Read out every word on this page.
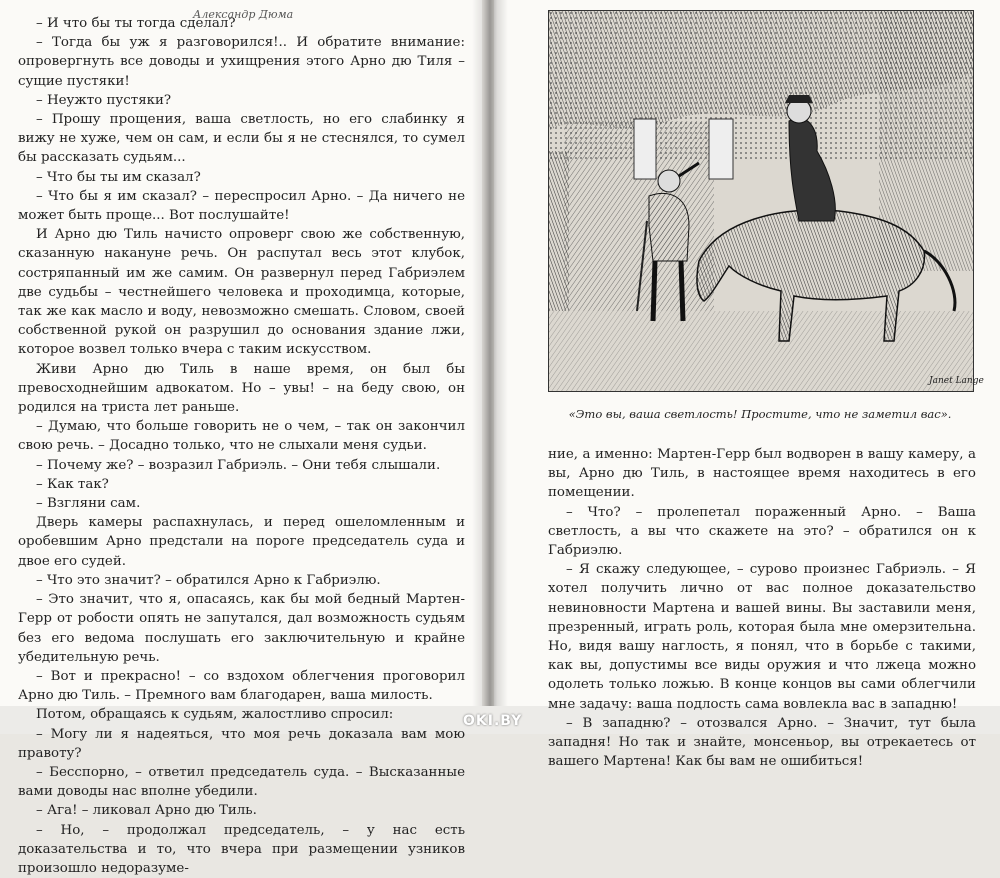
Александр Дюма

– И что бы ты тогда сделал?

– Тогда бы уж я разговорился!.. И обратите внимание: опровергнуть все доводы и ухищрения этого Арно дю Тиля – сущие пустяки!

– Неужто пустяки?

– Прошу прощения, ваша светлость, но его слабинку я вижу не хуже, чем он сам, и если бы я не стеснялся, то сумел бы рассказать судьям...

– Что бы ты им сказал?

– Что бы я им сказал? – переспросил Арно. – Да ничего не может быть проще... Вот послушайте!

И Арно дю Тиль начисто опроверг свою же собственную, сказанную накануне речь. Он распутал весь этот клубок, состряпанный им же самим. Он развернул перед Габриэлем две судьбы – честнейшего человека и проходимца, которые, так же как масло и воду, невозможно смешать. Словом, своей собственной рукой он разрушил до основания здание лжи, которое возвел только вчера с таким искусством.

Живи Арно дю Тиль в наше время, он был бы превосходнейшим адвокатом. Но – увы! – на беду свою, он родился на триста лет раньше.

– Думаю, что больше говорить не о чем, – так он закончил свою речь. – Досадно только, что не слыхали меня судьи.

– Почему же? – возразил Габриэль. – Они тебя слышали.

– Как так?

– Взгляни сам.

Дверь камеры распахнулась, и перед ошеломленным и оробевшим Арно предстали на пороге председатель суда и двое его судей.

– Что это значит? – обратился Арно к Габриэлю.

– Это значит, что я, опасаясь, как бы мой бедный Мартен-Герр от робости опять не запутался, дал возможность судьям без его ведома послушать его заключительную и крайне убедительную речь.

– Вот и прекрасно! – со вздохом облегчения проговорил Арно дю Тиль. – Премного вам благодарен, ваша милость.

Потом, обращаясь к судьям, жалостливо спросил:

– Могу ли я надеяться, что моя речь доказала вам мою правоту?

– Бесспорно, – ответил председатель суда. – Высказанные вами доводы нас вполне убедили.

– Ага! – ликовал Арно дю Тиль.

– Но, – продолжал председатель, – у нас есть доказательства и то, что вчера при размещении узников произошло недоразуме-

Janet Lange
«Это вы, ваша светлость! Простите, что не заметил вас».

ние, а именно: Мартен-Герр был водворен в вашу камеру, а вы, Арно дю Тиль, в настоящее время находитесь в его помещении.

– Что? – пролепетал пораженный Арно. – Ваша светлость, а вы что скажете на это? – обратился он к Габриэлю.

– Я скажу следующее, – сурово произнес Габриэль. – Я хотел получить лично от вас полное доказательство невиновности Мартена и вашей вины. Вы заставили меня, презренный, играть роль, которая была мне омерзительна. Но, видя вашу наглость, я понял, что в борьбе с такими, как вы, допустимы все виды оружия и что лжеца можно одолеть только ложью. В конце концов вы сами облегчили мне задачу: ваша подлость сама вовлекла вас в западню!

– В западню? – отозвался Арно. – Значит, тут была западня! Но так и знайте, монсеньор, вы отрекаетесь от вашего Мартена! Как бы вам не ошибиться!

OKI.BY
